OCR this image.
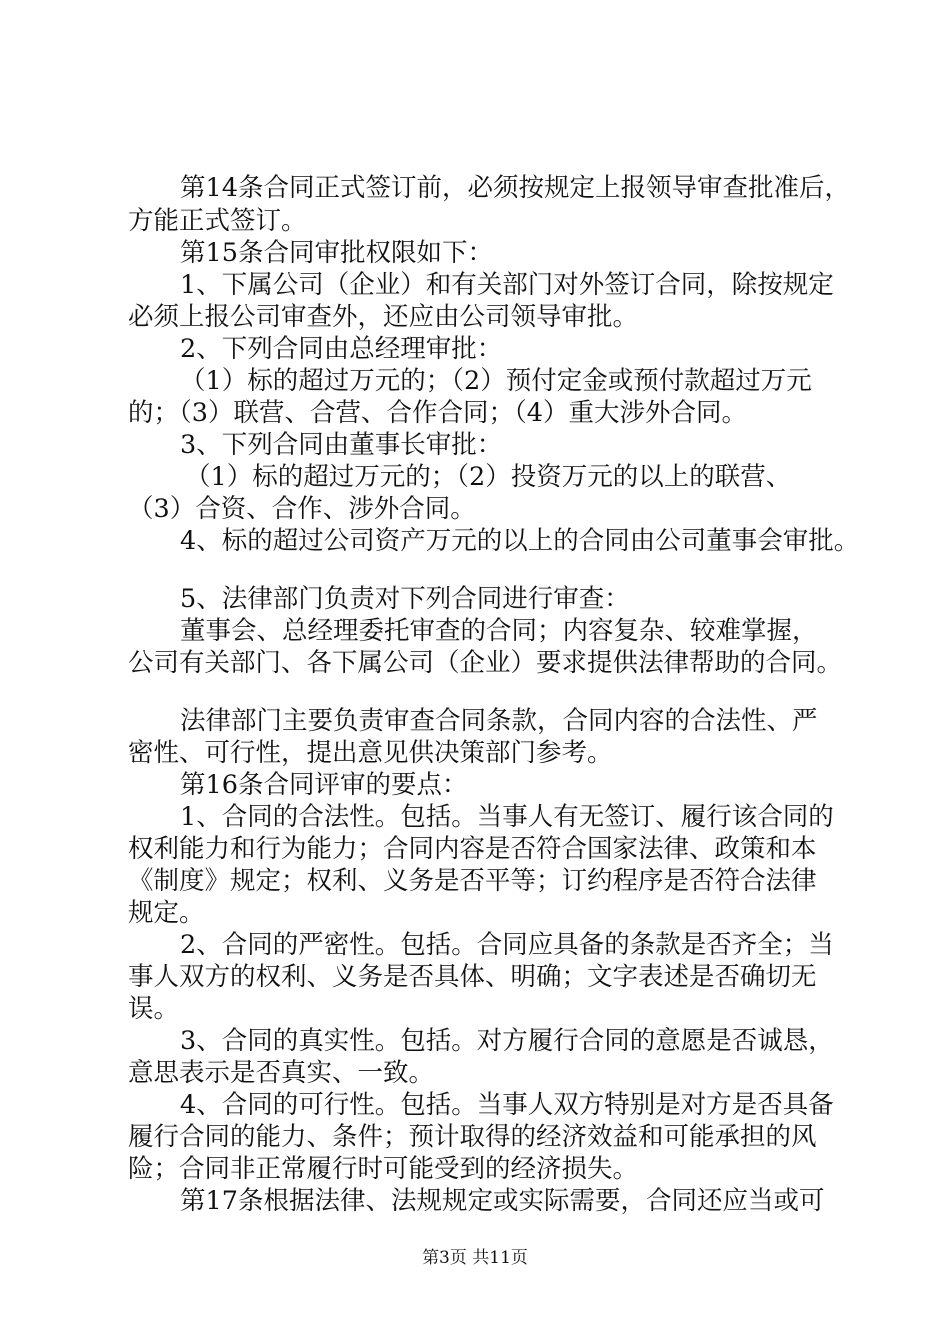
第14条合同正式签订前，必须按规定上报领导审查批准后，
方能正式签订。
第15条合同审批权限如下：
1、下属公司（企业）和有关部门对外签订合同，除按规定
必须上报公司审查外，还应由公司领导审批。
2、下列合同由总经理审批：
（1）标的超过万元的；（2）预付定金或预付款超过万元
的；（3）联营、合营、合作合同；（4）重大涉外合同。
3、下列合同由董事长审批：
（1）标的超过万元的；（2）投资万元的以上的联营、
（3）合资、合作、涉外合同。
4、标的超过公司资产万元的以上的合同由公司董事会审批。
5、法律部门负责对下列合同进行审查：
董事会、总经理委托审查的合同；内容复杂、较难掌握，
公司有关部门、各下属公司（企业）要求提供法律帮助的合同。
法律部门主要负责审查合同条款，合同内容的合法性、严
密性、可行性，提出意见供决策部门参考。
第16条合同评审的要点：
1、合同的合法性。包括。当事人有无签订、履行该合同的
权利能力和行为能力；合同内容是否符合国家法律、政策和本
《制度》规定；权利、义务是否平等；订约程序是否符合法律
规定。
2、合同的严密性。包括。合同应具备的条款是否齐全；当
事人双方的权利、义务是否具体、明确；文字表述是否确切无
误。
3、合同的真实性。包括。对方履行合同的意愿是否诚恳，
意思表示是否真实、一致。
4、合同的可行性。包括。当事人双方特别是对方是否具备
履行合同的能力、条件；预计取得的经济效益和可能承担的风
险；合同非正常履行时可能受到的经济损失。
第17条根据法律、法规规定或实际需要，合同还应当或可
第3页 共11页
